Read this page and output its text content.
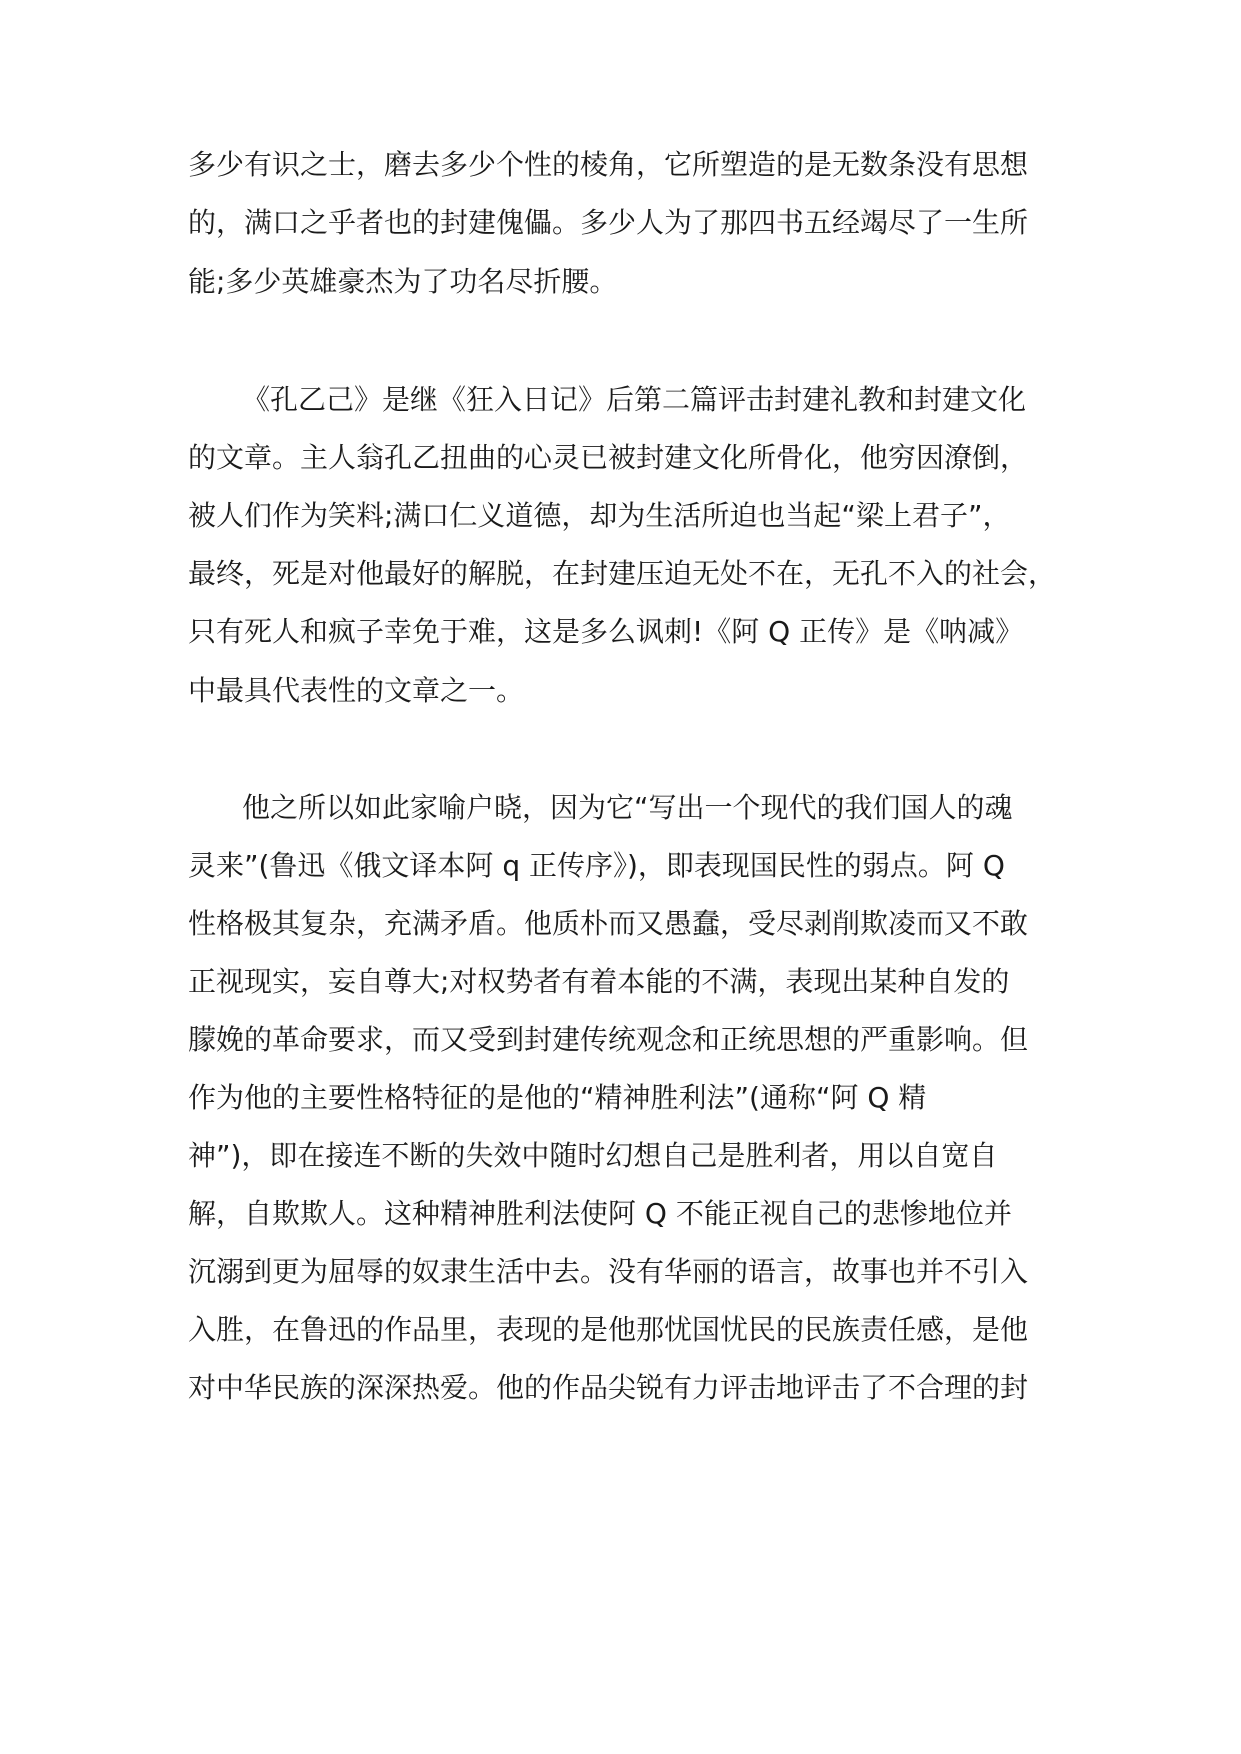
多少有识之士，磨去多少个性的棱角，它所塑造的是无数条没有思想
的，满口之乎者也的封建傀儡。多少人为了那四书五经竭尽了一生所
能;多少英雄豪杰为了功名尽折腰。
《孔乙己》是继《狂入日记》后第二篇评击封建礼教和封建文化
的文章。主人翁孔乙扭曲的心灵已被封建文化所骨化，他穷因潦倒，
被人们作为笑料;满口仁义道德，却为生活所迫也当起“梁上君子”，
最终，死是对他最好的解脱，在封建压迫无处不在，无孔不入的社会，
只有死人和疯子幸免于难，这是多么讽刺!《阿 Q 正传》是《呐减》
中最具代表性的文章之一。
他之所以如此家喻户晓，因为它“写出一个现代的我们国人的魂
灵来”(鲁迅《俄文译本阿 q 正传序》)，即表现国民性的弱点。阿 Q
性格极其复杂，充满矛盾。他质朴而又愚蠢，受尽剥削欺凌而又不敢
正视现实，妄自尊大;对权势者有着本能的不满，表现出某种自发的
朦娩的革命要求，而又受到封建传统观念和正统思想的严重影响。但
作为他的主要性格特征的是他的“精神胜利法”(通称“阿 Q 精
神”)，即在接连不断的失效中随时幻想自己是胜利者，用以自宽自
解，自欺欺人。这种精神胜利法使阿 Q 不能正视自己的悲惨地位并
沉溺到更为屈辱的奴隶生活中去。没有华丽的语言，故事也并不引入
入胜，在鲁迅的作品里，表现的是他那忧国忧民的民族责任感，是他
对中华民族的深深热爱。他的作品尖锐有力评击地评击了不合理的封
